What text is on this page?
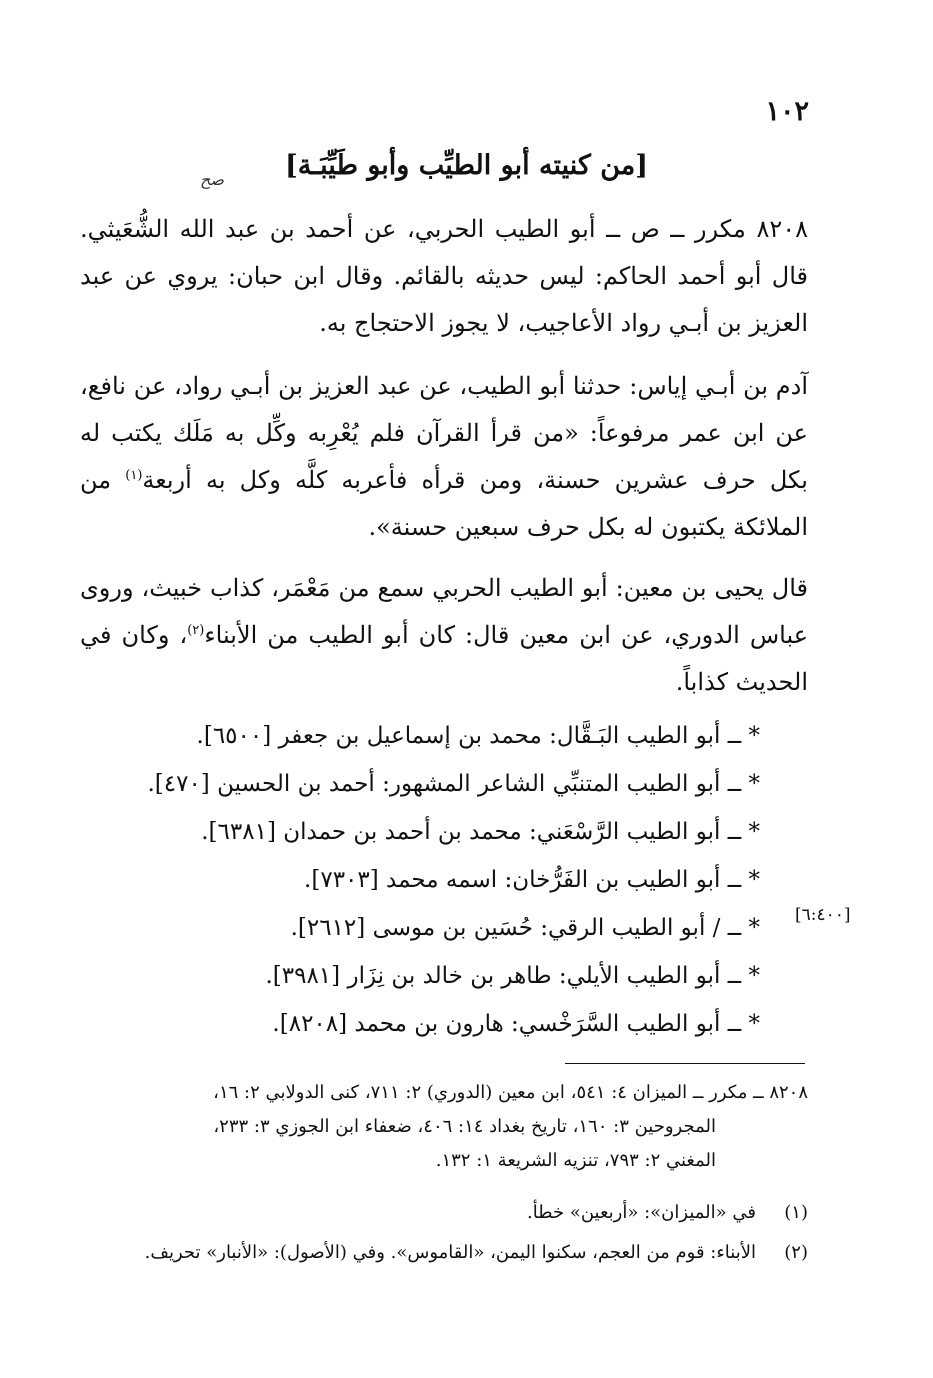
١٠٢
[من كنيته أبو الطيِّب وأبو طَيِّبَـة]
صح
٨٢٠٨ مكرر ــ ص ــ أبو الطيب الحربي، عن أحمد بن عبد الله الشُّعَيثي. قال أبو أحمد الحاكم: ليس حديثه بالقائم. وقال ابن حبان: يروي عن عبد العزيز بن أبـي رواد الأعاجيب، لا يجوز الاحتجاج به.
آدم بن أبـي إياس: حدثنا أبو الطيب، عن عبد العزيز بن أبـي رواد، عن نافع، عن ابن عمر مرفوعاً: «من قرأ القرآن فلم يُعْرِبه وكِّل به مَلَك يكتب له بكل حرف عشرين حسنة، ومن قرأه فأعربه كلَّه وكل به أربعة$^{(١)}$ من الملائكة يكتبون له بكل حرف سبعين حسنة».
قال يحيى بن معين: أبو الطيب الحربي سمع من مَعْمَر، كذاب خبيث، وروى عباس الدوري، عن ابن معين قال: كان أبو الطيب من الأبناء$^{(٢)}$، وكان في الحديث كذاباً.
* ــ أبو الطيب البَـقَّال: محمد بن إسماعيل بن جعفر [٦٥٠٠].
* ــ أبو الطيب المتنبِّي الشاعر المشهور: أحمد بن الحسين [٤٧٠].
* ــ أبو الطيب الرَّسْعَني: محمد بن أحمد بن حمدان [٦٣٨١].
* ــ أبو الطيب بن الفَرُّخان: اسمه محمد [٧٣٠٣].
* ــ / أبو الطيب الرقي: حُسَين بن موسى [٢٦١٢].
* ــ أبو الطيب الأيلي: طاهر بن خالد بن نِزَار [٣٩٨١].
* ــ أبو الطيب السَّرَخْسي: هارون بن محمد [٨٢٠٨].
[٦:٤٠٠]
٨٢٠٨ ــ مكرر ــ الميزان ٤: ٥٤١، ابن معين (الدوري) ٢: ٧١١، كنى الدولابي ٢: ١٦،
المجروحين ٣: ١٦٠، تاريخ بغداد ١٤: ٤٠٦، ضعفاء ابن الجوزي ٣: ٢٣٣،
المغني ٢: ٧٩٣، تنزيه الشريعة ١: ١٣٢.
(١)في «الميزان»: «أربعين» خطأ.
(٢)الأبناء: قوم من العجم، سكنوا اليمن، «القاموس». وفي (الأصول): «الأنبار» تحريف.
